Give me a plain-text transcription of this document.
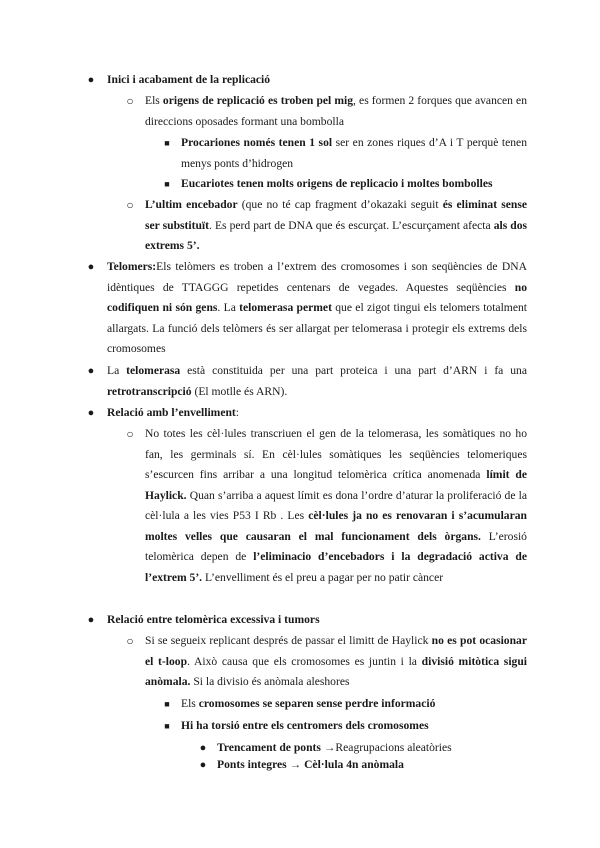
● Inici i acabament de la replicació
○ Els origens de replicació es troben pel mig, es formen 2 forques que avancen en direccions oposades formant una bombolla

■ Procariones només tenen 1 sol ser en zones riques d’A i T perquè tenen menys ponts d’hidrogen

■ Eucariotes tenen molts origens de replicacio i moltes bombolles

○ L’ultim encebador (que no té cap fragment d’okazaki seguit és eliminat sense ser substituït. Es perd part de DNA que és escurçat. L’escurçament afecta als dos extrems 5’.

● Telomers:Els telòmers es troben a l’extrem des cromosomes i son seqüències de DNA idèntiques de TTAGGG repetides centenars de vegades. Aquestes seqüències no codifiquen ni són gens. La telomerasa permet que el zigot tingui els telomers totalment allargats. La funció dels telòmers és ser allargat per telomerasa i protegir els extrems dels cromosomes

● La telomerasa està constituida per una part proteica i una part d’ARN i fa una retrotranscripció (El motlle és ARN).

● Relació amb l’envelliment:
○ No totes les cèl·lules transcriuen el gen de la telomerasa, les somàtiques no ho fan, les germinals sí. En cèl·lules somàtiques les seqüències telomeriques s’escurcen fins arribar a una longitud telomèrica crítica anomenada límit de Haylick. Quan s’arriba a aquest límit es dona l’ordre d’aturar la proliferació de la cèl·lula a les vies P53 I Rb . Les cèl·lules ja no es renovaran i s’acumularan moltes velles que causaran el mal funcionament dels òrgans. L’erosió telomèrica depen de l’eliminacio d’encebadors i la degradació activa de l’extrem 5’. L’envelliment és el preu a pagar per no patir càncer

● Relació entre telomèrica excessiva i tumors
○ Si se segueix replicant després de passar el limitt de Haylick no es pot ocasionar el t-loop. Això causa que els cromosomes es juntin i la divisió mitòtica sigui anòmala. Si la divisio és anòmala aleshores

■ Els cromosomes se separen sense perdre informació

■ Hi ha torsió entre els centromers dels cromosomes

● Trencament de ponts →Reagrupacions aleatòries

● Ponts integres → Cèl·lula 4n anòmala
